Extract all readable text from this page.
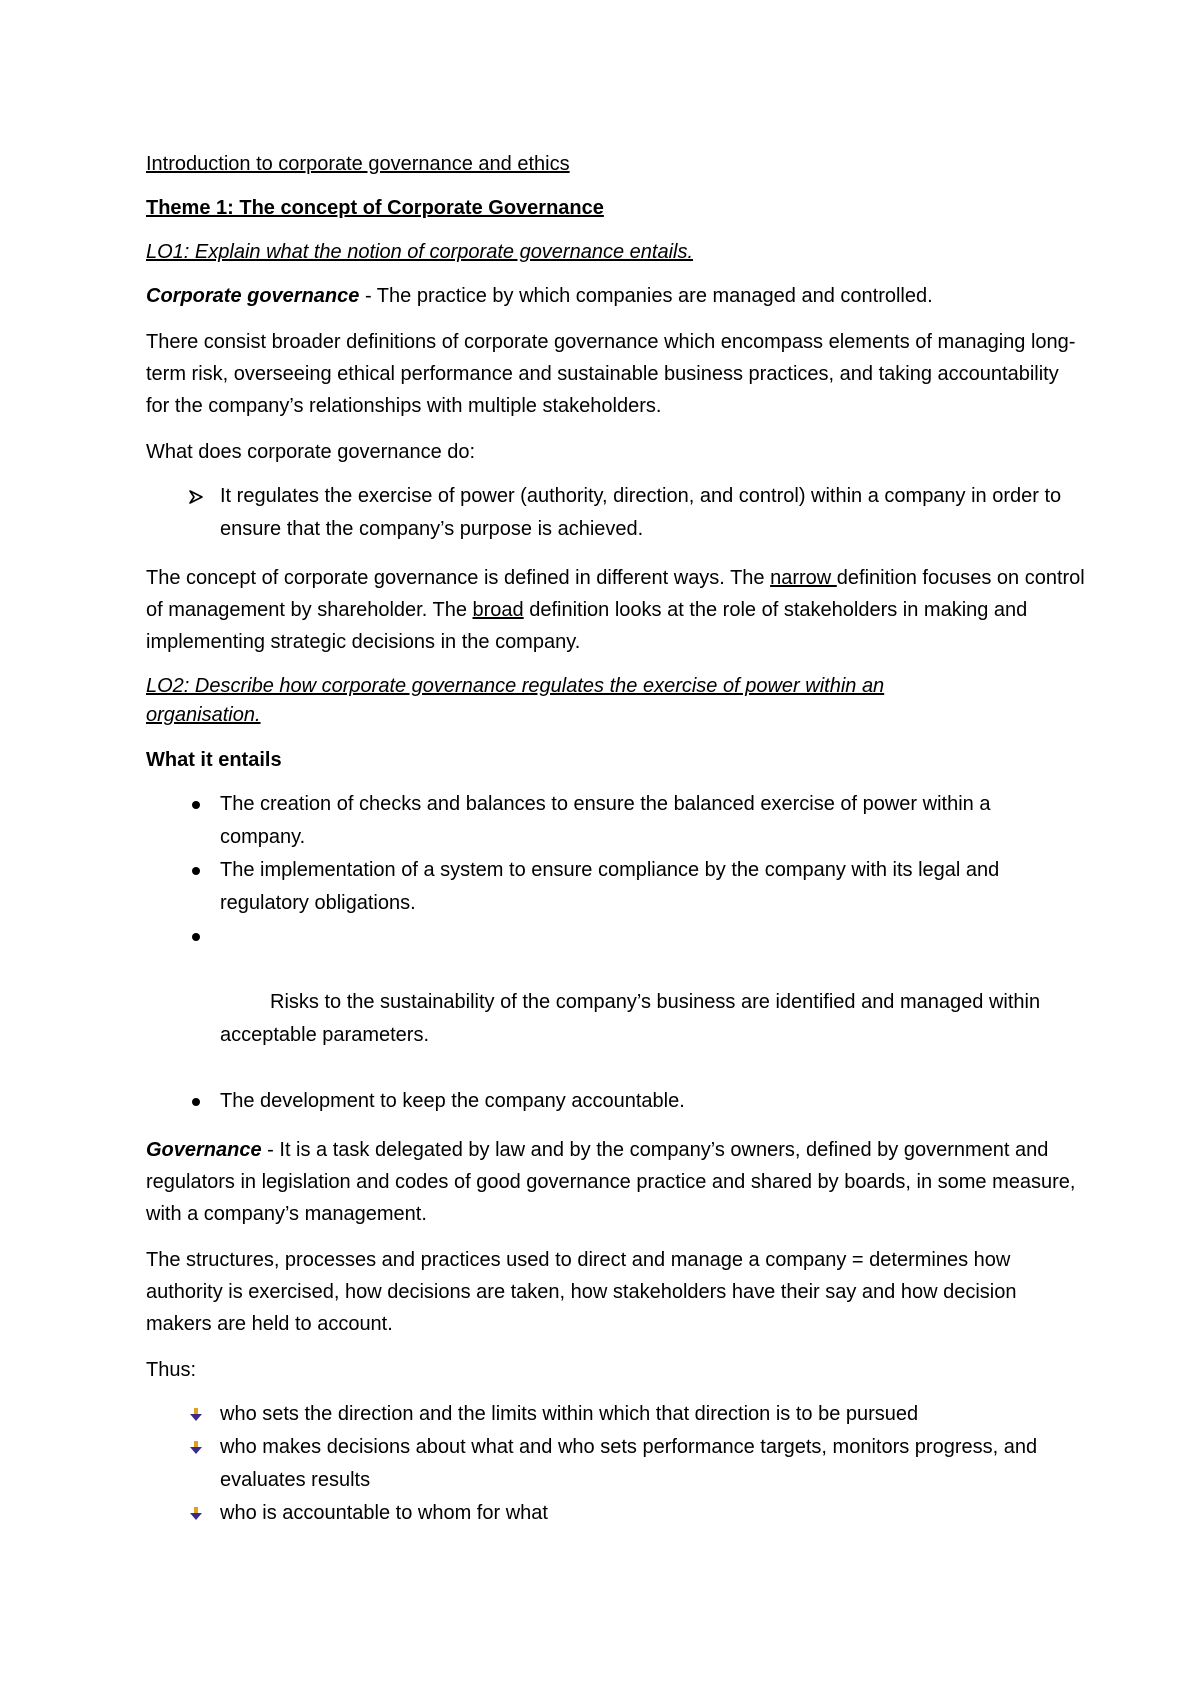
Introduction to corporate governance and ethics

Theme 1: The concept of Corporate Governance

LO1: Explain what the notion of corporate governance entails.

Corporate governance - The practice by which companies are managed and controlled.

There consist broader definitions of corporate governance which encompass elements of managing long-term risk, overseeing ethical performance and sustainable business practices, and taking accountability for the company’s relationships with multiple stakeholders.

What does corporate governance do:

It regulates the exercise of power (authority, direction, and control) within a company in order to ensure that the company’s purpose is achieved.

The concept of corporate governance is defined in different ways. The narrow definition focuses on control of management by shareholder. The broad definition looks at the role of stakeholders in making and implementing strategic decisions in the company.

LO2: Describe how corporate governance regulates the exercise of power within an organisation.

What it entails

The creation of checks and balances to ensure the balanced exercise of power within a company.
The implementation of a system to ensure compliance by the company with its legal and regulatory obligations.

Risks to the sustainability of the company’s business are identified and managed within acceptable parameters.

The development to keep the company accountable.

Governance - It is a task delegated by law and by the company’s owners, defined by government and regulators in legislation and codes of good governance practice and shared by boards, in some measure, with a company’s management.

The structures, processes and practices used to direct and manage a company = determines how authority is exercised, how decisions are taken, how stakeholders have their say and how decision makers are held to account.

Thus:

who sets the direction and the limits within which that direction is to be pursued
who makes decisions about what and who sets performance targets, monitors progress, and evaluates results
who is accountable to whom for what
